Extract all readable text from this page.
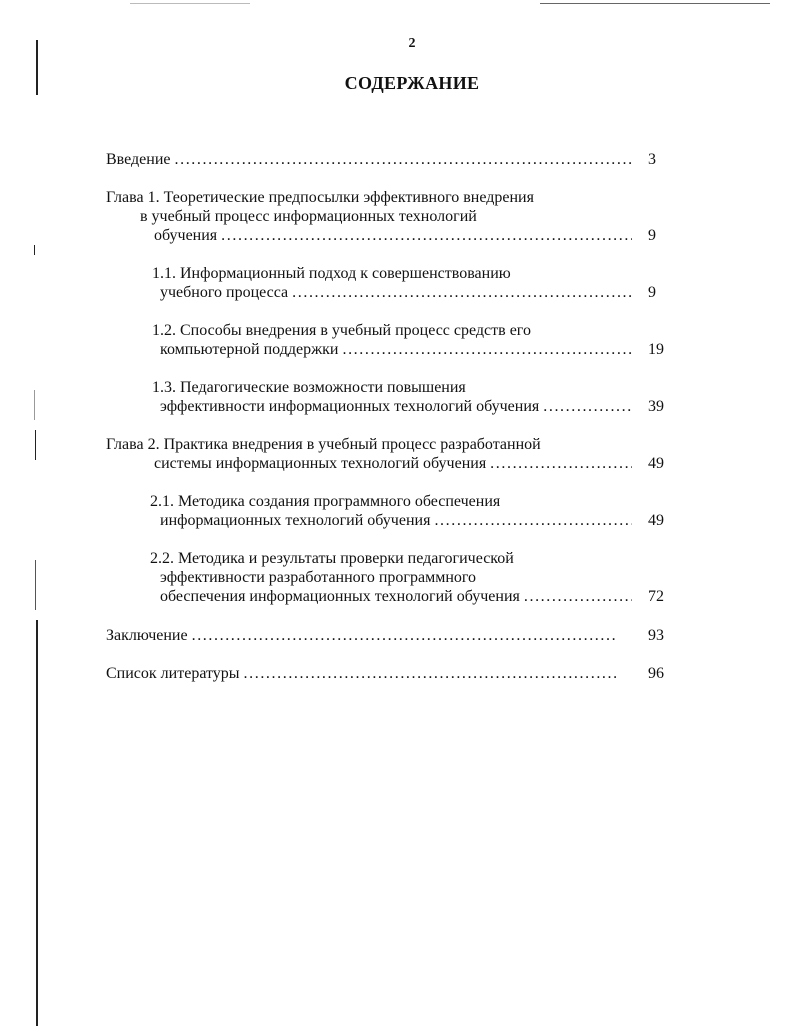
2
СОДЕРЖАНИЕ
Введение . . .	3
Глава 1. Теоретические предпосылки эффективного внедрения
в учебный процесс информационных технологий
обучения . . .	9
1.1. Информационный подход к совершенствованию
учебного процесса . . .	9
1.2. Способы внедрения в учебный процесс средств его
компьютерной поддержки . . .	19
1.3. Педагогические возможности повышения
эффективности информационных технологий обучения . . .	39
Глава 2. Практика внедрения в учебный процесс разработанной
системы информационных технологий обучения . . .	49
2.1. Методика создания программного обеспечения
информационных технологий обучения . . .	49
2.2. Методика и результаты проверки педагогической
эффективности разработанного программного
обеспечения информационных технологий обучения . . .	72
Заключение . . .	93
Список литературы . . .	96
